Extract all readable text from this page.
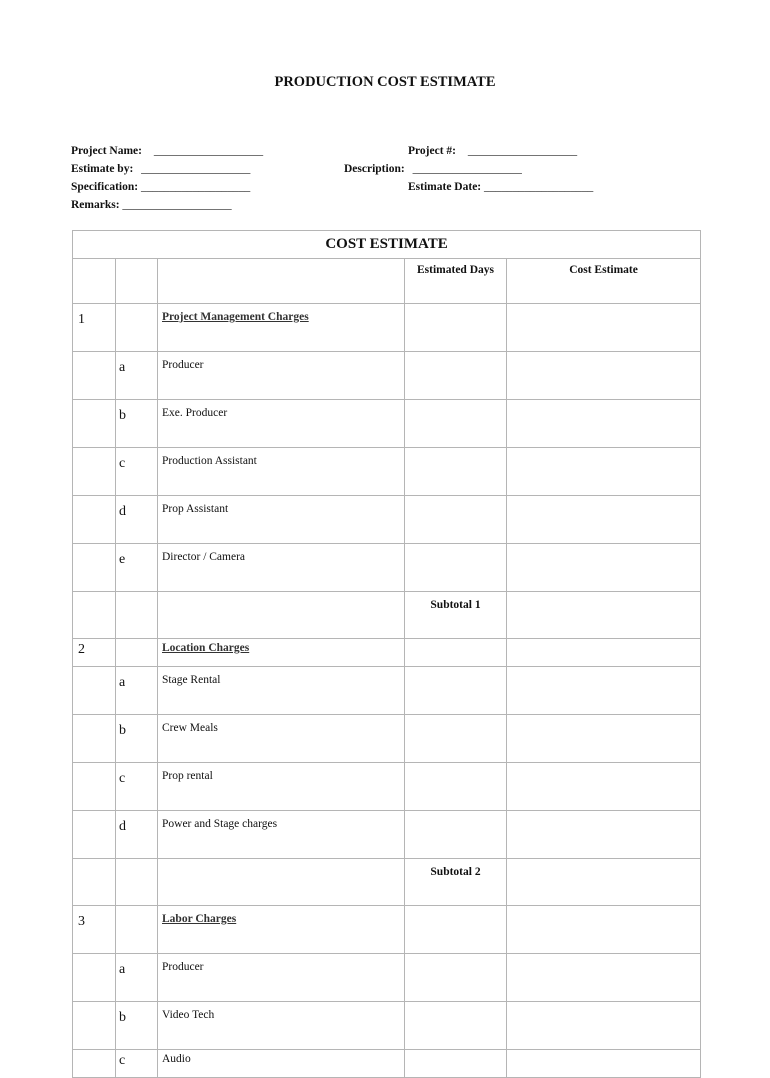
PRODUCTION COST ESTIMATE
Project Name: ___________________
Estimate by: ___________________
Specification: ___________________
Remarks: ___________________
Project #: ___________________
Description: ___________________
Estimate Date: ___________________
COST ESTIMATE				
			Estimated Days	Cost Estimate
1		Project Management Charges		
	a	Producer		
	b	Exe. Producer		
	c	Production Assistant		
	d	Prop Assistant		
	e	Director / Camera		
			Subtotal 1	
2		Location Charges		
	a	Stage Rental		
	b	Crew Meals		
	c	Prop rental		
	d	Power and Stage charges		
			Subtotal 2	
3		Labor Charges		
	a	Producer		
	b	Video Tech		
	c	Audio		
